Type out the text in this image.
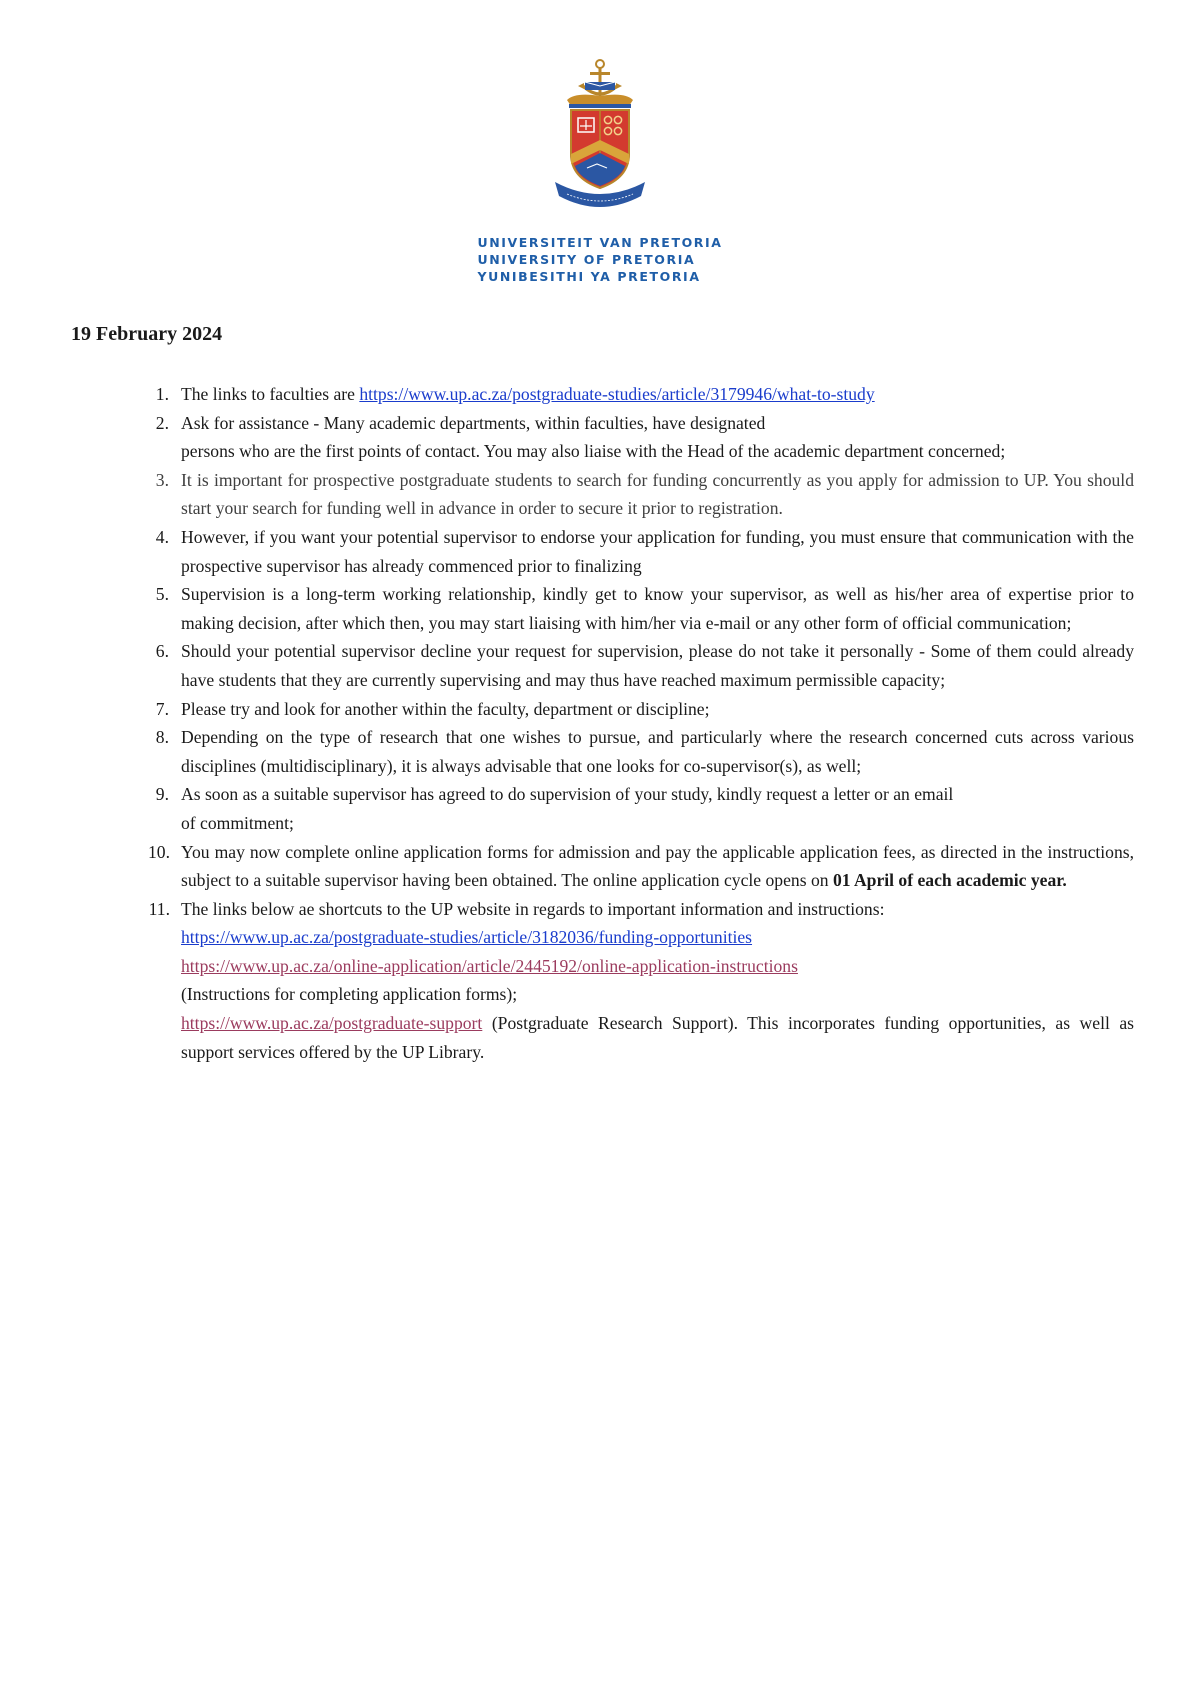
UNIVERSITEIT VAN PRETORIA
UNIVERSITY OF PRETORIA
YUNIBESITHI YA PRETORIA
19 February 2024
1. The links to faculties are https://www.up.ac.za/postgraduate-studies/article/3179946/what-to-study
2. Ask for assistance - Many academic departments, within faculties, have designated
persons who are the first points of contact. You may also liaise with the Head of the academic department concerned;
3. It is important for prospective postgraduate students to search for funding concurrently as you apply for admission to UP. You should start your search for funding well in advance in order to secure it prior to registration.
4. However, if you want your potential supervisor to endorse your application for funding, you must ensure that communication with the prospective supervisor has already commenced prior to finalizing
5. Supervision is a long-term working relationship, kindly get to know your supervisor, as well as his/her area of expertise prior to making decision, after which then, you may start liaising with him/her via e-mail or any other form of official communication;
6. Should your potential supervisor decline your request for supervision, please do not take it personally - Some of them could already have students that they are currently supervising and may thus have reached maximum permissible capacity;
7. Please try and look for another within the faculty, department or discipline;
8. Depending on the type of research that one wishes to pursue, and particularly where the research concerned cuts across various disciplines (multidisciplinary), it is always advisable that one looks for co-supervisor(s), as well;
9. As soon as a suitable supervisor has agreed to do supervision of your study, kindly request a letter or an email
of commitment;
10. You may now complete online application forms for admission and pay the applicable application fees, as directed in the instructions, subject to a suitable supervisor having been obtained. The online application cycle opens on 01 April of each academic year.
11. The links below ae shortcuts to the UP website in regards to important information and instructions:
https://www.up.ac.za/postgraduate-studies/article/3182036/funding-opportunities
https://www.up.ac.za/online-application/article/2445192/online-application-instructions
(Instructions for completing application forms);
https://www.up.ac.za/postgraduate-support (Postgraduate Research Support). This incorporates funding opportunities, as well as support services offered by the UP Library.
